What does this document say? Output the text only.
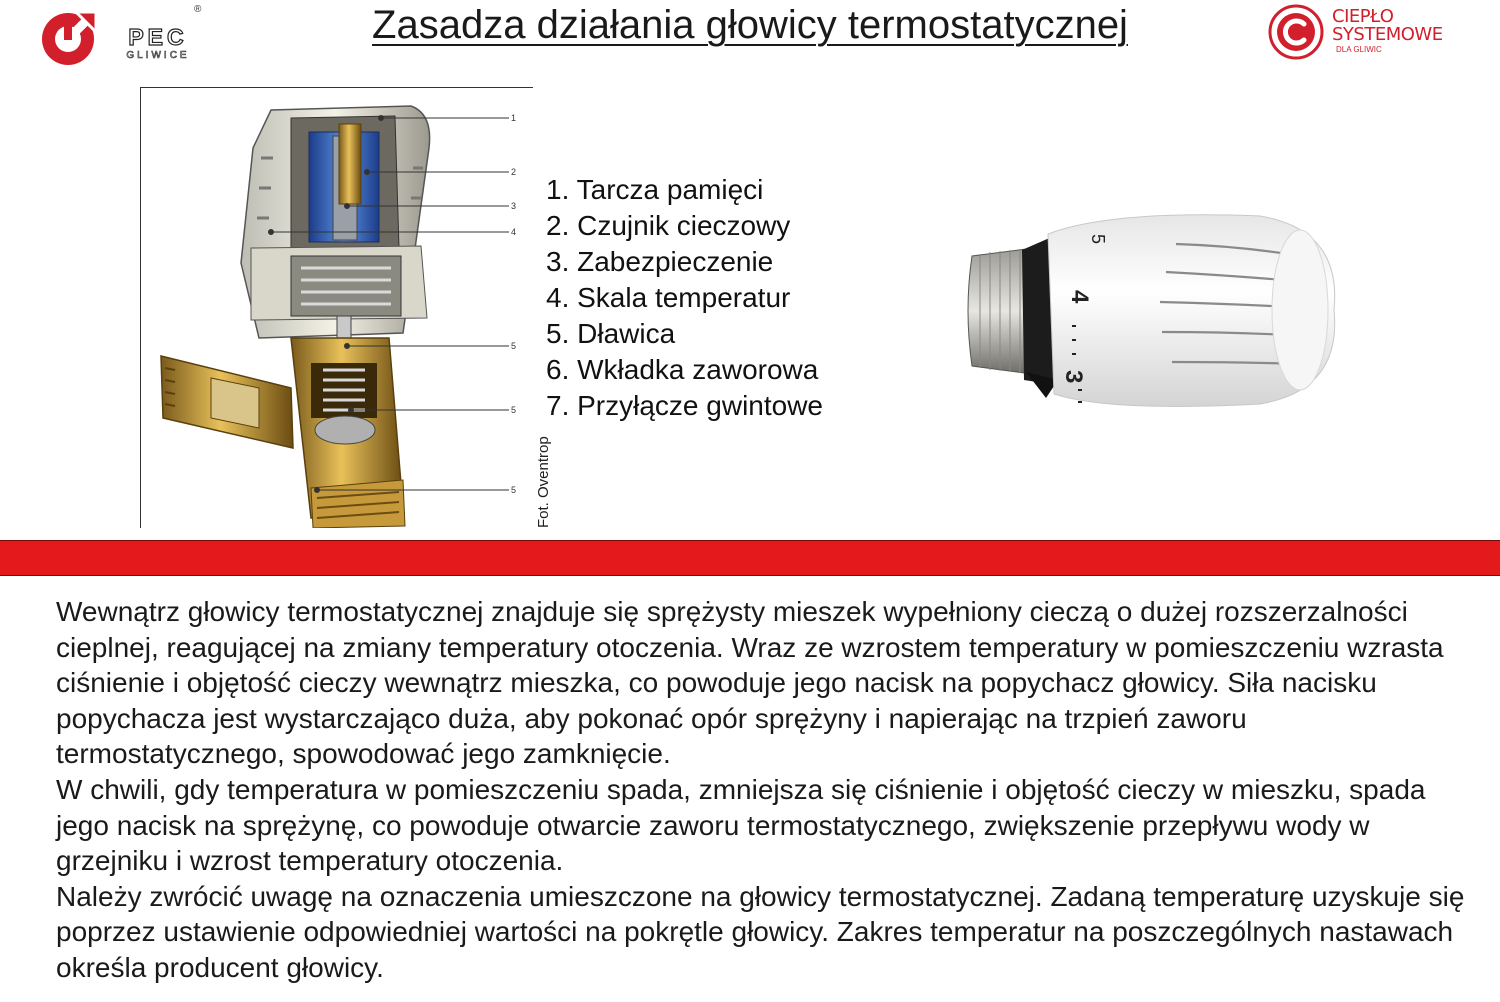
PEC
GLIWICE
®	Zasadza działania głowicy termostatycznej	CIEPŁO
SYSTEMOWE
DLA GLIWIC
1
2
3
4
5
5
5 Fot. Oventrop
1. Tarcza pamięci
2. Czujnik cieczowy
3. Zabezpieczenie
4. Skala temperatur
5. Dławica
6. Wkładka zaworowa
7. Przyłącze gwintowe
5
4
3

Wewnątrz głowicy termostatycznej znajduje się sprężysty mieszek wypełniony cieczą o dużej rozszerzalności cieplnej, reagującej na zmiany temperatury otoczenia. Wraz ze wzrostem temperatury w pomieszczeniu wzrasta ciśnienie i objętość cieczy wewnątrz mieszka, co powoduje jego nacisk na popychacz głowicy. Siła nacisku popychacza jest wystarczająco duża, aby pokonać opór sprężyny i napierając na trzpień zaworu termostatycznego, spowodować jego zamknięcie.

W chwili, gdy temperatura w pomieszczeniu spada, zmniejsza się ciśnienie i objętość cieczy w mieszku, spada jego nacisk na sprężynę, co powoduje otwarcie zaworu termostatycznego, zwiększenie przepływu wody w grzejniku i wzrost temperatury otoczenia.

Należy zwrócić uwagę na oznaczenia umieszczone na głowicy termostatycznej. Zadaną temperaturę uzyskuje się poprzez ustawienie odpowiedniej wartości na pokrętle głowicy. Zakres temperatur na poszczególnych nastawach określa producent głowicy.
